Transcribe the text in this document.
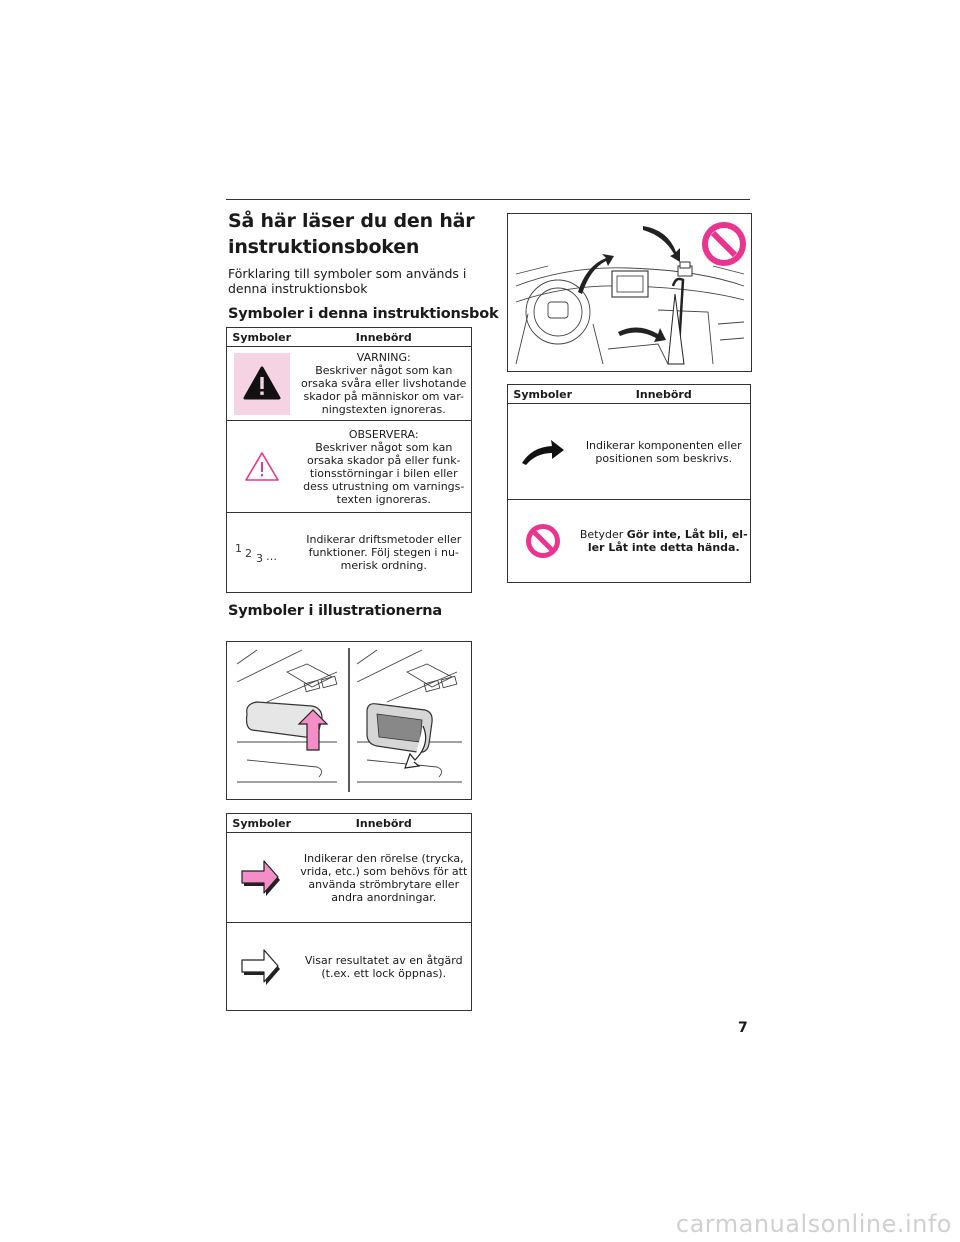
Så här läser du den här instruktionsboken

Förklaring till symboler som används i denna instruktionsbok

Symboler i denna instruktionsbok
Symboler	Innebörd

	VARNING:
Beskriver något som kan orsaka svåra eller livshotande skador på människor om var-ningstexten ignoreras.

	OBSERVERA:
Beskriver något som kan orsaka skador på eller funk-tionsstörningar i bilen eller dess utrustning om varnings-texten ignoreras.

1 2 3 …	Indikerar driftsmetoder eller funktioner. Följ stegen i nu-merisk ordning.
Symboler i illustrationerna
Symboler	Innebörd

	Indikerar den rörelse (trycka, vrida, etc.) som behövs för att använda strömbrytare eller andra anordningar.

	Visar resultatet av en åtgärd (t.ex. ett lock öppnas).
Symboler	Innebörd

	Indikerar komponenten eller positionen som beskrivs.

	Betyder Gör inte, Låt bli, el-ler Låt inte detta hända.
7
carmanualsonline.info
